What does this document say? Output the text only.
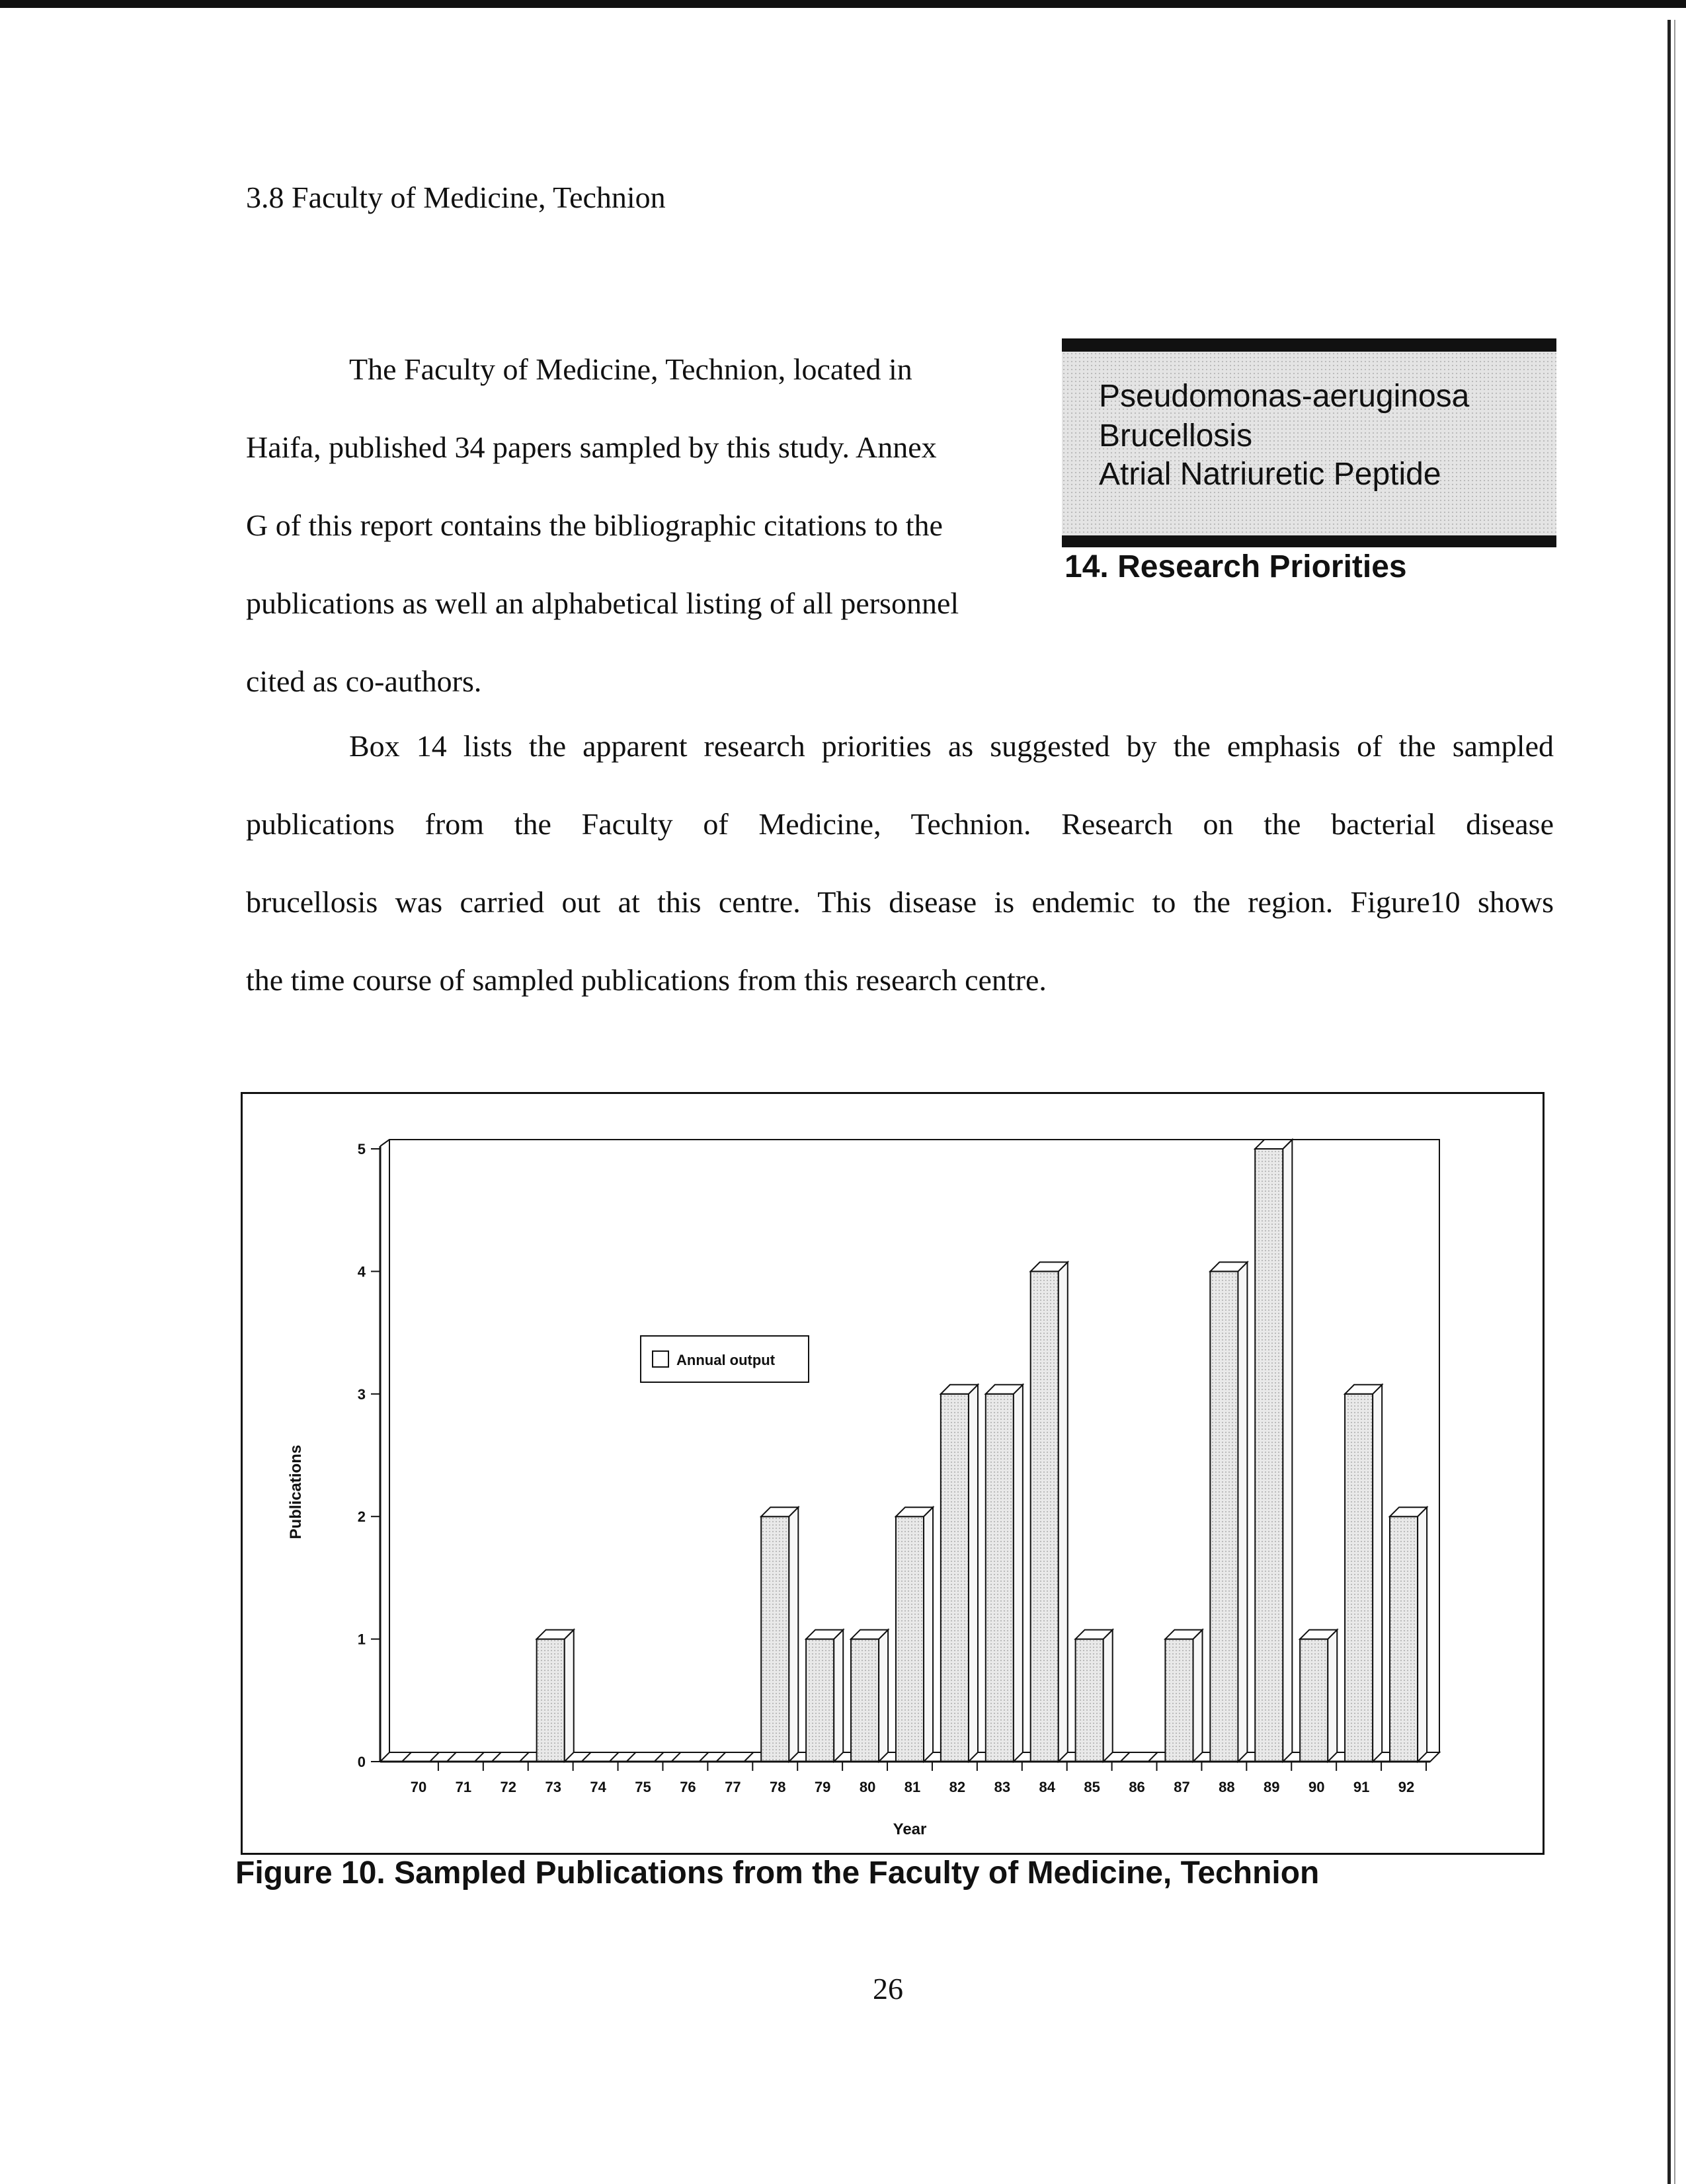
3.8 Faculty of Medicine, Technion
The Faculty of Medicine, Technion, located in
Haifa, published 34 papers sampled by this study. Annex
G of this report contains the bibliographic citations to the
publications as well an alphabetical listing of all personnel
cited as co-authors.
Pseudomonas-aeruginosa
Brucellosis
Atrial Natriuretic Peptide
14. Research Priorities
Box 14 lists the apparent research priorities as suggested by the emphasis of the sampled
publications from the Faculty of Medicine, Technion. Research on the bacterial disease
brucellosis was carried out at this centre. This disease is endemic to the region. Figure10 shows
the time course of sampled publications from this research centre.
0
1
2
3
4
5
70 71 72 73 74 75 76 77 78 79 80 81 82 83 84 85 86 87 88 89 90 91 92
Year
Publications
Annual output
Figure 10. Sampled Publications from the Faculty of Medicine, Technion
26
